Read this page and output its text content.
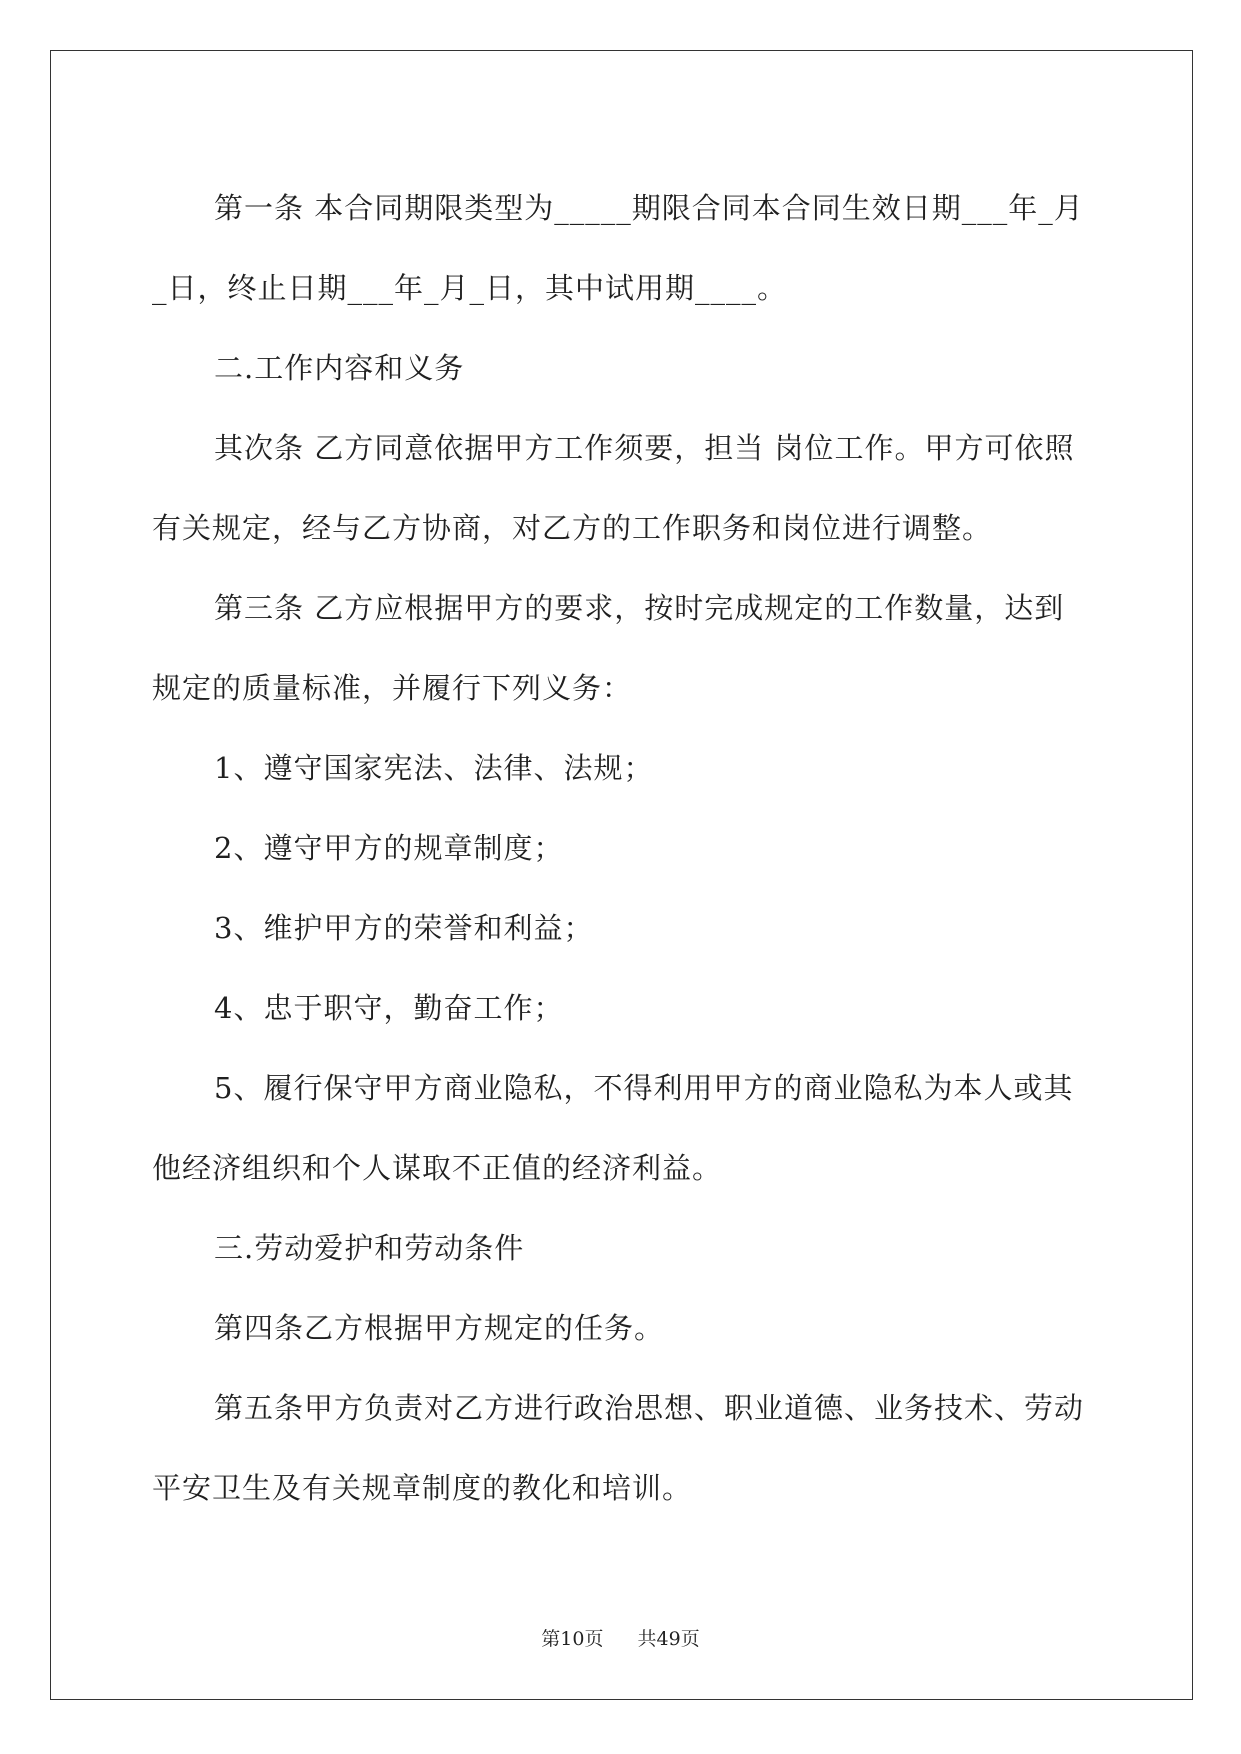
第一条 本合同期限类型为_____期限合同本合同生效日期___年_月_日，终止日期___年_月_日，其中试用期____。

二.工作内容和义务

其次条 乙方同意依据甲方工作须要，担当 岗位工作。甲方可依照有关规定，经与乙方协商，对乙方的工作职务和岗位进行调整。

第三条 乙方应根据甲方的要求，按时完成规定的工作数量，达到规定的质量标准，并履行下列义务：

1、遵守国家宪法、法律、法规；

2、遵守甲方的规章制度；

3、维护甲方的荣誉和利益；

4、忠于职守，勤奋工作；

5、履行保守甲方商业隐私，不得利用甲方的商业隐私为本人或其他经济组织和个人谋取不正值的经济利益。

三.劳动爱护和劳动条件

第四条乙方根据甲方规定的任务。

第五条甲方负责对乙方进行政治思想、职业道德、业务技术、劳动平安卫生及有关规章制度的教化和培训。

第10页 共49页
